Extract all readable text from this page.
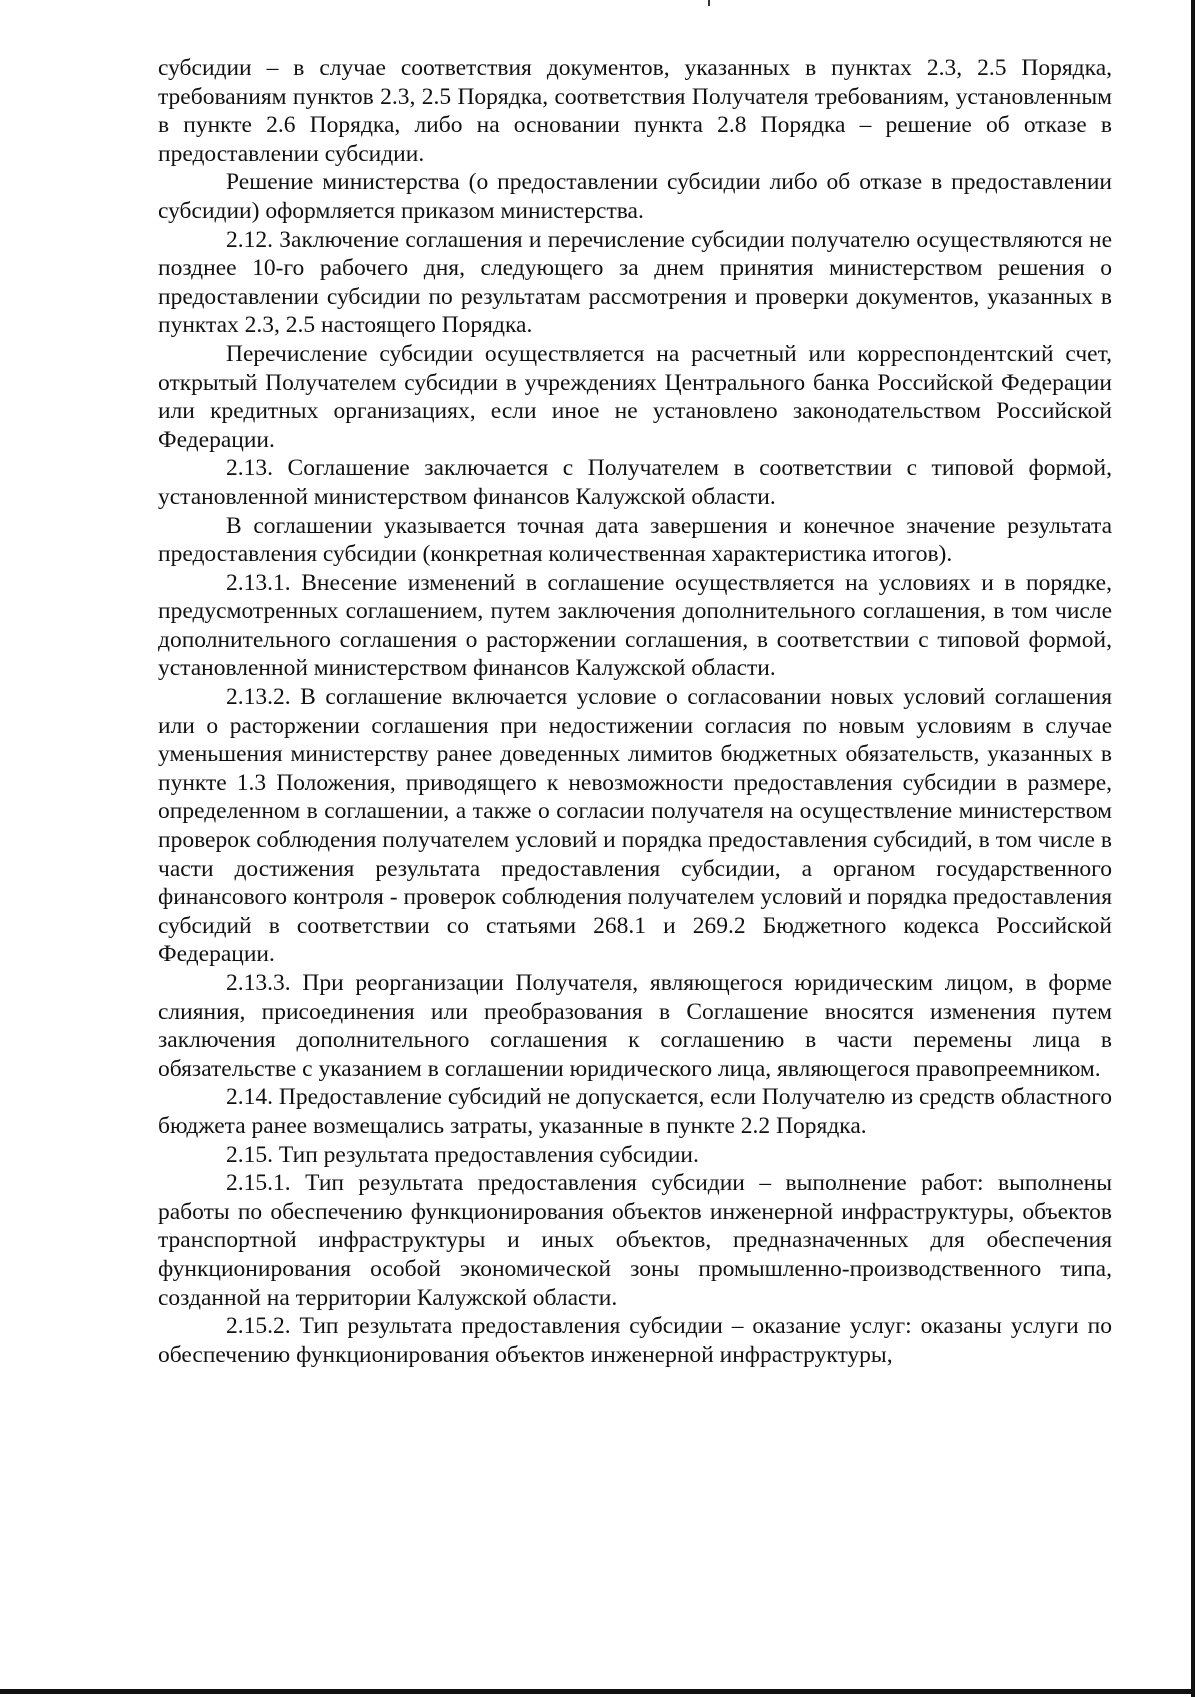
субсидии – в случае соответствия документов, указанных в пунктах 2.3, 2.5 Порядка, требованиям пунктов 2.3, 2.5 Порядка, соответствия Получателя требованиям, установленным в пункте 2.6 Порядка, либо на основании пункта 2.8 Порядка – решение об отказе в предоставлении субсидии.

Решение министерства (о предоставлении субсидии либо об отказе в предоставлении субсидии) оформляется приказом министерства.

2.12. Заключение соглашения и перечисление субсидии получателю осуществляются не позднее 10-го рабочего дня, следующего за днем принятия министерством решения о предоставлении субсидии по результатам рассмотрения и проверки документов, указанных в пунктах 2.3, 2.5 настоящего Порядка.

Перечисление субсидии осуществляется на расчетный или корреспондентский счет, открытый Получателем субсидии в учреждениях Центрального банка Российской Федерации или кредитных организациях, если иное не установлено законодательством Российской Федерации.

2.13. Соглашение заключается с Получателем в соответствии с типовой формой, установленной министерством финансов Калужской области.

В соглашении указывается точная дата завершения и конечное значение результата предоставления субсидии (конкретная количественная характеристика итогов).

2.13.1. Внесение изменений в соглашение осуществляется на условиях и в порядке, предусмотренных соглашением, путем заключения дополнительного соглашения, в том числе дополнительного соглашения о расторжении соглашения, в соответствии с типовой формой, установленной министерством финансов Калужской области.

2.13.2. В соглашение включается условие о согласовании новых условий соглашения или о расторжении соглашения при недостижении согласия по новым условиям в случае уменьшения министерству ранее доведенных лимитов бюджетных обязательств, указанных в пункте 1.3 Положения, приводящего к невозможности предоставления субсидии в размере, определенном в соглашении, а также о согласии получателя на осуществление министерством проверок соблюдения получателем условий и порядка предоставления субсидий, в том числе в части достижения результата предоставления субсидии, а органом государственного финансового контроля - проверок соблюдения получателем условий и порядка предоставления субсидий в соответствии со статьями 268.1 и 269.2 Бюджетного кодекса Российской Федерации.

2.13.3. При реорганизации Получателя, являющегося юридическим лицом, в форме слияния, присоединения или преобразования в Соглашение вносятся изменения путем заключения дополнительного соглашения к соглашению в части перемены лица в обязательстве с указанием в соглашении юридического лица, являющегося правопреемником.

2.14. Предоставление субсидий не допускается, если Получателю из средств областного бюджета ранее возмещались затраты, указанные в пункте 2.2 Порядка.

2.15. Тип результата предоставления субсидии.

2.15.1. Тип результата предоставления субсидии – выполнение работ: выполнены работы по обеспечению функционирования объектов инженерной инфраструктуры, объектов транспортной инфраструктуры и иных объектов, предназначенных для обеспечения функционирования особой экономической зоны промышленно-производственного типа, созданной на территории Калужской области.

2.15.2. Тип результата предоставления субсидии – оказание услуг: оказаны услуги по обеспечению функционирования объектов инженерной инфраструктуры,
